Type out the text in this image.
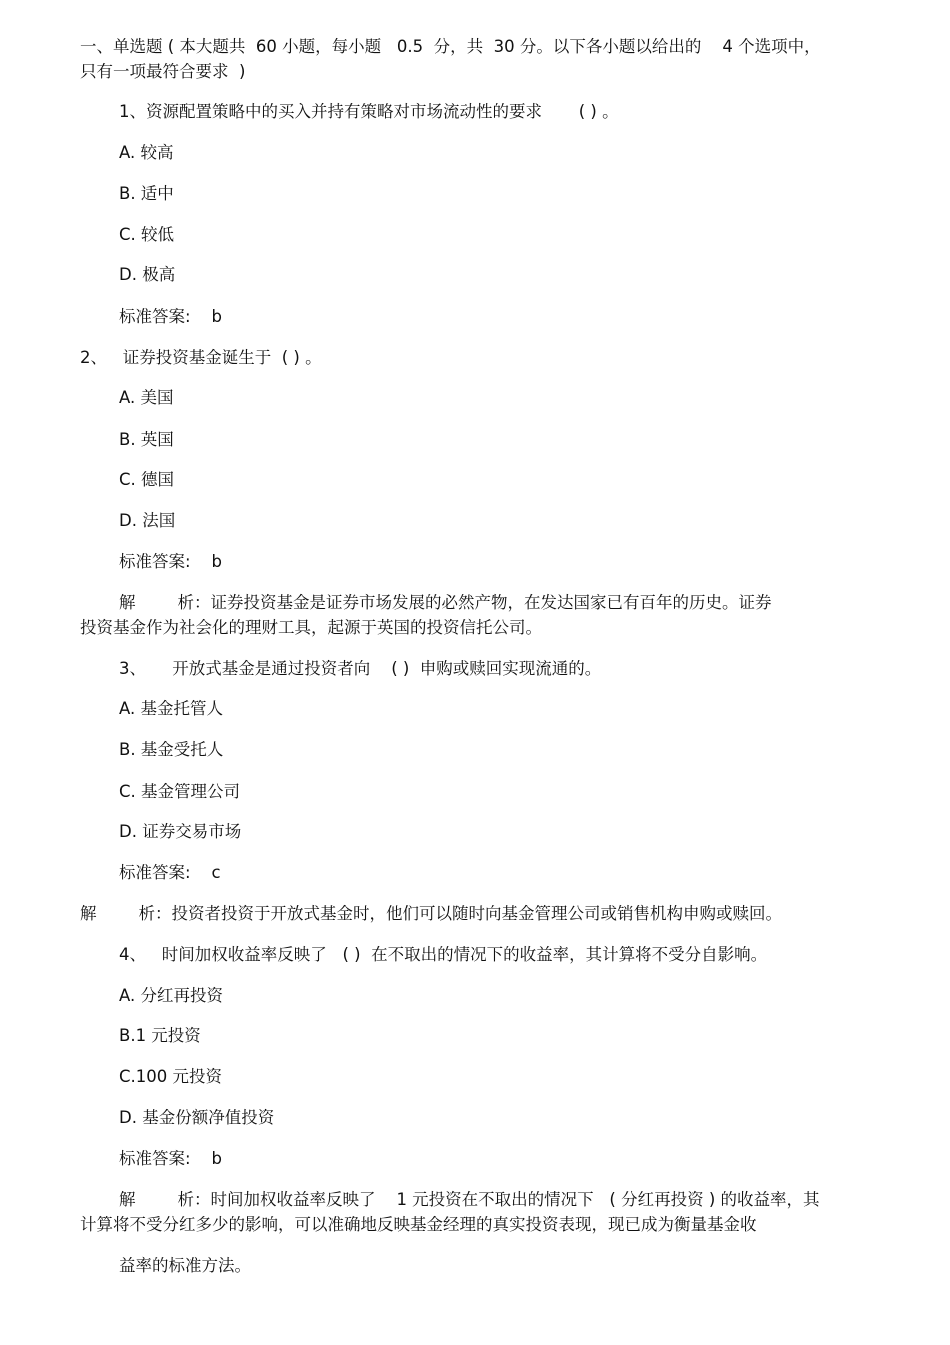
一、单选题 ( 本大题共  60 小题，每小题   0.5  分，共  30 分。以下各小题以给出的    4 个选项中，
只有一项最符合要求  )
1、资源配置策略中的买入并持有策略对市场流动性的要求       ( ) 。
A. 较高
B. 适中
C. 较低
D. 极高
标准答案:    b
2、   证券投资基金诞生于  ( ) 。
A. 美国
B. 英国
C. 德国
D. 法国
标准答案:    b
解        析：证券投资基金是证券市场发展的必然产物，在发达国家已有百年的历史。证券
投资基金作为社会化的理财工具，起源于英国的投资信托公司。
3、     开放式基金是通过投资者向    ( )  申购或赎回实现流通的。
A. 基金托管人
B. 基金受托人
C. 基金管理公司
D. 证券交易市场
标准答案:    c
解        析：投资者投资于开放式基金时，他们可以随时向基金管理公司或销售机构申购或赎回。
4、   时间加权收益率反映了   ( )  在不取出的情况下的收益率，其计算将不受分自影响。
A. 分红再投资
B.1 元投资
C.100 元投资
D. 基金份额净值投资
标准答案:    b
解        析：时间加权收益率反映了    1 元投资在不取出的情况下   ( 分红再投资 ) 的收益率，其
计算将不受分红多少的影响，可以准确地反映基金经理的真实投资表现，现已成为衡量基金收
益率的标准方法。
